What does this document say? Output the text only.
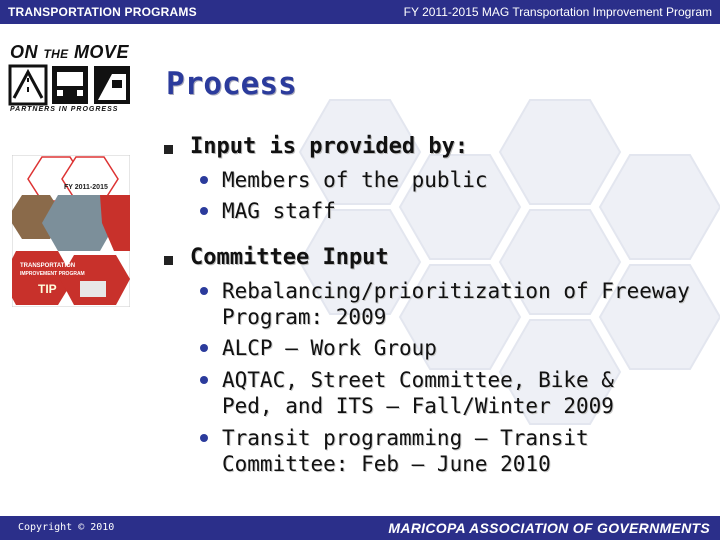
TRANSPORTATION PROGRAMS	FY 2011-2015 MAG Transportation Improvement Program
ON THE MOVE
PARTNERS IN PROGRESS
Process
FY 2011-2015
TRANSPORTATION
IMPROVEMENT PROGRAM
TIP
Input is provided by:
Members of the public
MAG staff
Committee Input
Rebalancing/prioritization of Freeway Program: 2009
ALCP – Work Group
AQTAC, Street Committee, Bike & Ped, and ITS – Fall/Winter 2009
Transit programming – Transit Committee: Feb – June 2010
Copyright © 2010	MARICOPA ASSOCIATION OF GOVERNMENTS
